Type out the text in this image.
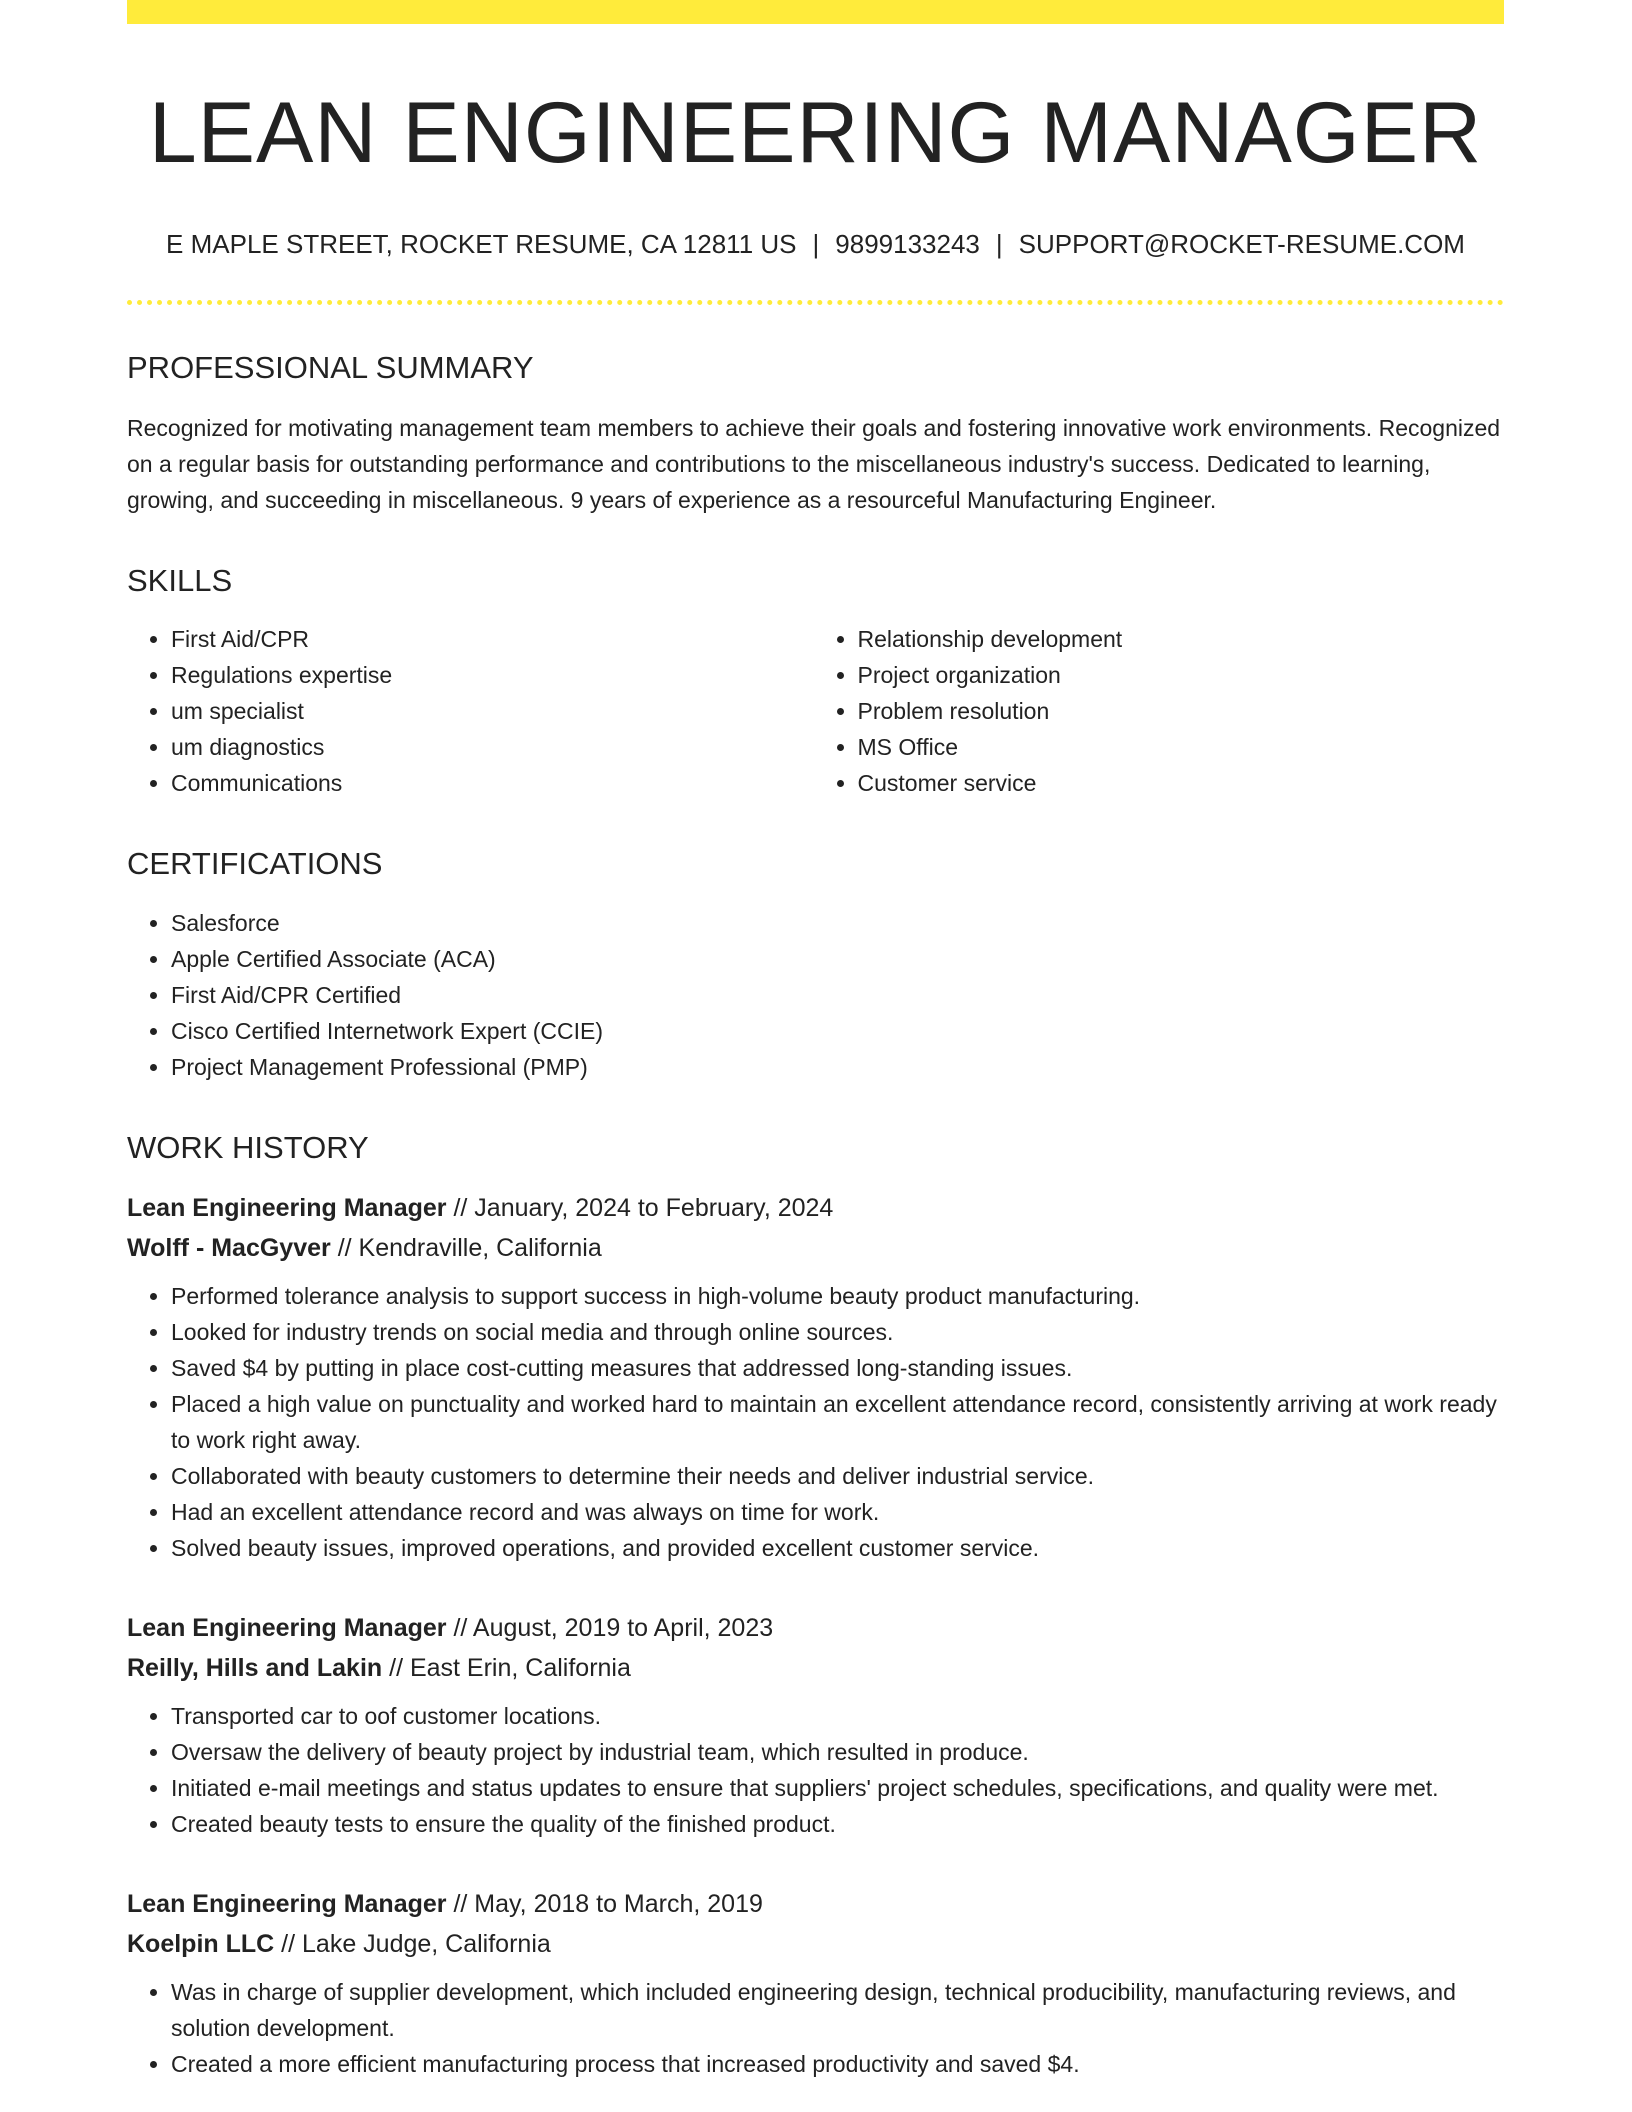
LEAN ENGINEERING MANAGER
E MAPLE STREET, ROCKET RESUME, CA 12811 US | 9899133243 | SUPPORT@ROCKET-RESUME.COM
PROFESSIONAL SUMMARY

Recognized for motivating management team members to achieve their goals and fostering innovative work environments. Recognized on a regular basis for outstanding performance and contributions to the miscellaneous industry's success. Dedicated to learning, growing, and succeeding in miscellaneous. 9 years of experience as a resourceful Manufacturing Engineer.

SKILLS
• First Aid/CPR
• Regulations expertise
• um specialist
• um diagnostics
• Communications
• Relationship development
• Project organization
• Problem resolution
• MS Office
• Customer service
CERTIFICATIONS
• Salesforce
• Apple Certified Associate (ACA)
• First Aid/CPR Certified
• Cisco Certified Internetwork Expert (CCIE)
• Project Management Professional (PMP)
WORK HISTORY
Lean Engineering Manager // January, 2024 to February, 2024
Wolff - MacGyver // Kendraville, California
• Performed tolerance analysis to support success in high-volume beauty product manufacturing.
• Looked for industry trends on social media and through online sources.
• Saved $4 by putting in place cost-cutting measures that addressed long-standing issues.
• Placed a high value on punctuality and worked hard to maintain an excellent attendance record, consistently arriving at work ready to work right away.
• Collaborated with beauty customers to determine their needs and deliver industrial service.
• Had an excellent attendance record and was always on time for work.
• Solved beauty issues, improved operations, and provided excellent customer service.
Lean Engineering Manager // August, 2019 to April, 2023
Reilly, Hills and Lakin // East Erin, California
• Transported car to oof customer locations.
• Oversaw the delivery of beauty project by industrial team, which resulted in produce.
• Initiated e-mail meetings and status updates to ensure that suppliers' project schedules, specifications, and quality were met.
• Created beauty tests to ensure the quality of the finished product.
Lean Engineering Manager // May, 2018 to March, 2019
Koelpin LLC // Lake Judge, California
• Was in charge of supplier development, which included engineering design, technical producibility, manufacturing reviews, and solution development.
• Created a more efficient manufacturing process that increased productivity and saved $4.
